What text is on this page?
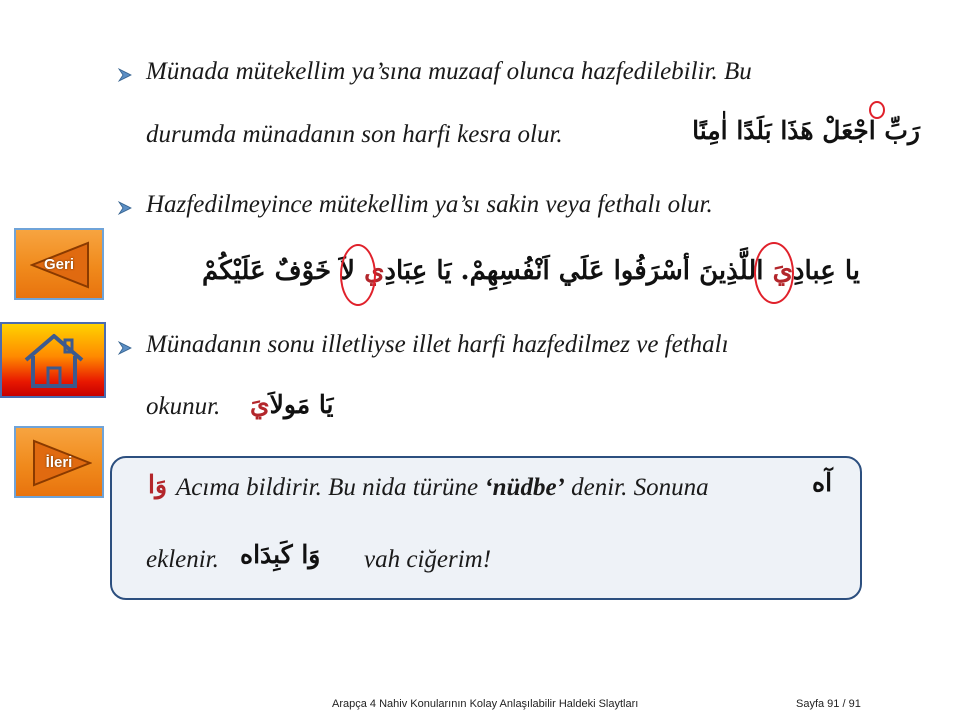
Münada mütekellim ya’sına muzaaf olunca hazfedilebilir. Bu
durumda münadanın son harfi kesra olur.	رَبِّ اجْعَلْ هَذَا بَلَدًا اٰمِنًا
Hazfedilmeyince mütekellim ya’sı sakin veya fethalı olur.
يا عِبادِيَ اللَّذِينَ أسْرَفُوا عَلَي اَنْفُسِهِمْ. يَا عِبَادِي لاَ خَوْفٌ عَلَيْكُمْ
Münadanın sonu illetliyse illet harfi hazfedilmez ve fethalı
okunur.	يَا مَولاَيَ
وَا Acıma bildirir. Bu nida türüne ‘nüdbe’ denir. Sonuna	آه
eklenir. وَا كَبِدَاه vah ciğerim!
Geri
İleri
Arapça 4 Nahiv Konularının Kolay Anlaşılabilir Haldeki Slaytları	Sayfa 91 / 91
